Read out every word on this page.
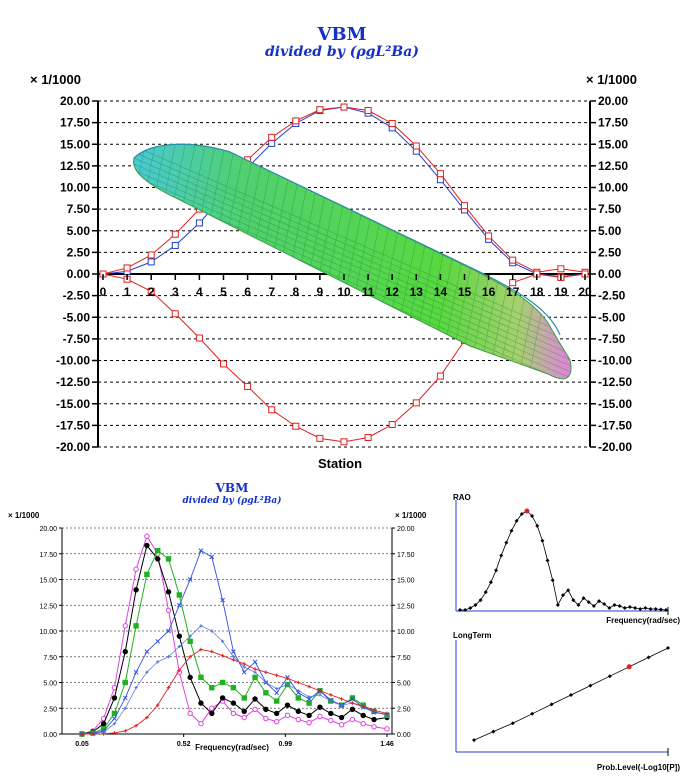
VBM
divided by (ρgL²Ba)
× 1/1000	× 1/1000
20.00	20.00
17.50	17.50
15.00	15.00
12.50	12.50
10.00	10.00
7.50	7.50
5.00	5.00
2.50	2.50
0.00	0.00
-2.50	-2.50
-5.00	-5.00
-7.50	-7.50
-10.00	-10.00
-12.50	-12.50
-15.00	-15.00
-17.50	-17.50
-20.00	-20.00
0 1 2 3 4 5 6 7 8 9 10 11 12 13 14 15 16 17 18 19 20
Station
VBM
divided by (ρgL²Ba)
× 1/1000	× 1/1000
20.00	20.00
17.50	17.50
15.00	15.00
12.50	12.50
10.00	10.00
7.50	7.50
5.00	5.00
2.50	2.50
0.00	0.00
0.05	0.52	0.99	1.46
Frequency(rad/sec)
RAO
Frequency(rad/sec)
LongTerm
Prob.Level(-Log10[P])
